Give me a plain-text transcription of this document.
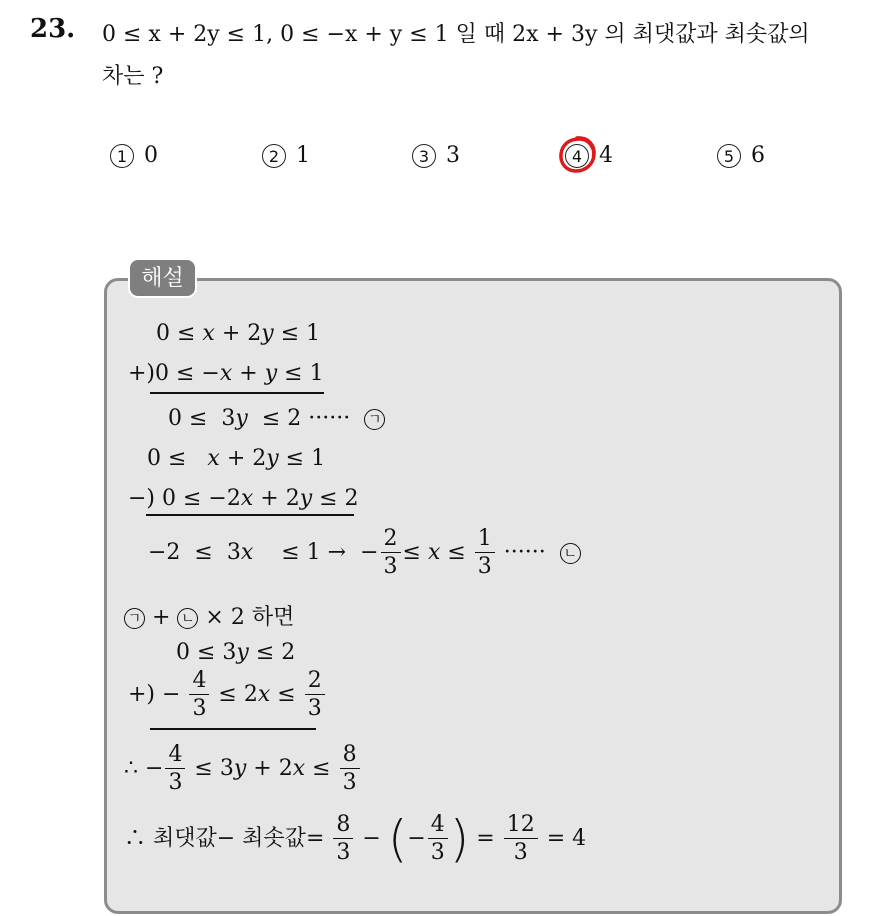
23. 0 ≤ x + 2y ≤ 1, 0 ≤ −x + y ≤ 1 일 때 2x + 3y 의 최댓값과 최솟값의
차는 ?
1 0	2 1	3 3	4 4	5 6
해설
0 ≤ x + 2y ≤ 1
+)0 ≤ −x + y ≤ 1
0 ≤  3y  ≤ 2 ······  ㄱ
0 ≤   x + 2y ≤ 1
−) 0 ≤ −2x + 2y ≤ 2
−2  ≤  3x    ≤ 1 →  − $\frac{2}{3} \le x \le \frac{1}{3}$ ······  ㄴ
ㄱ + ㄴ × 2 하면
0 ≤ 3y ≤ 2
+) − $\frac{4}{3} \le 2x \le \frac{2}{3}$
∴ − $\frac{4}{3} \le 3y + 2x \le \frac{8}{3}$
∴ 최댓값− 최솟값= $\frac{8}{3}$ − (− $\frac{4}{3}$ ) = $\frac{12}{3} = 4$
